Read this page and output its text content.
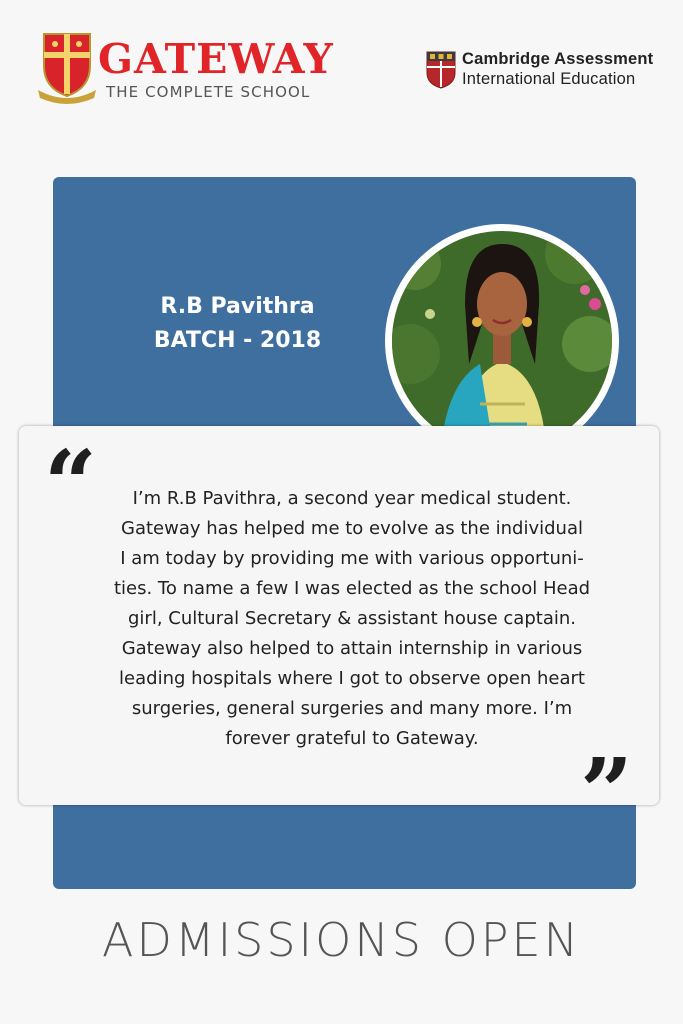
GATEWAY

THE COMPLETE SCHOOL

Cambridge Assessment

International Education

R.B Pavithra
BATCH - 2018
“	I’m R.B Pavithra, a second year medical student.
Gateway has helped me to evolve as the individual
I am today by providing me with various opportuni-
ties. To name a few I was elected as the school Head
girl, Cultural Secretary & assistant house captain.
Gateway also helped to attain internship in various
leading hospitals where I got to observe open heart
surgeries, general surgeries and many more. I’m
forever grateful to Gateway.	”
ADMISSIONS OPEN
